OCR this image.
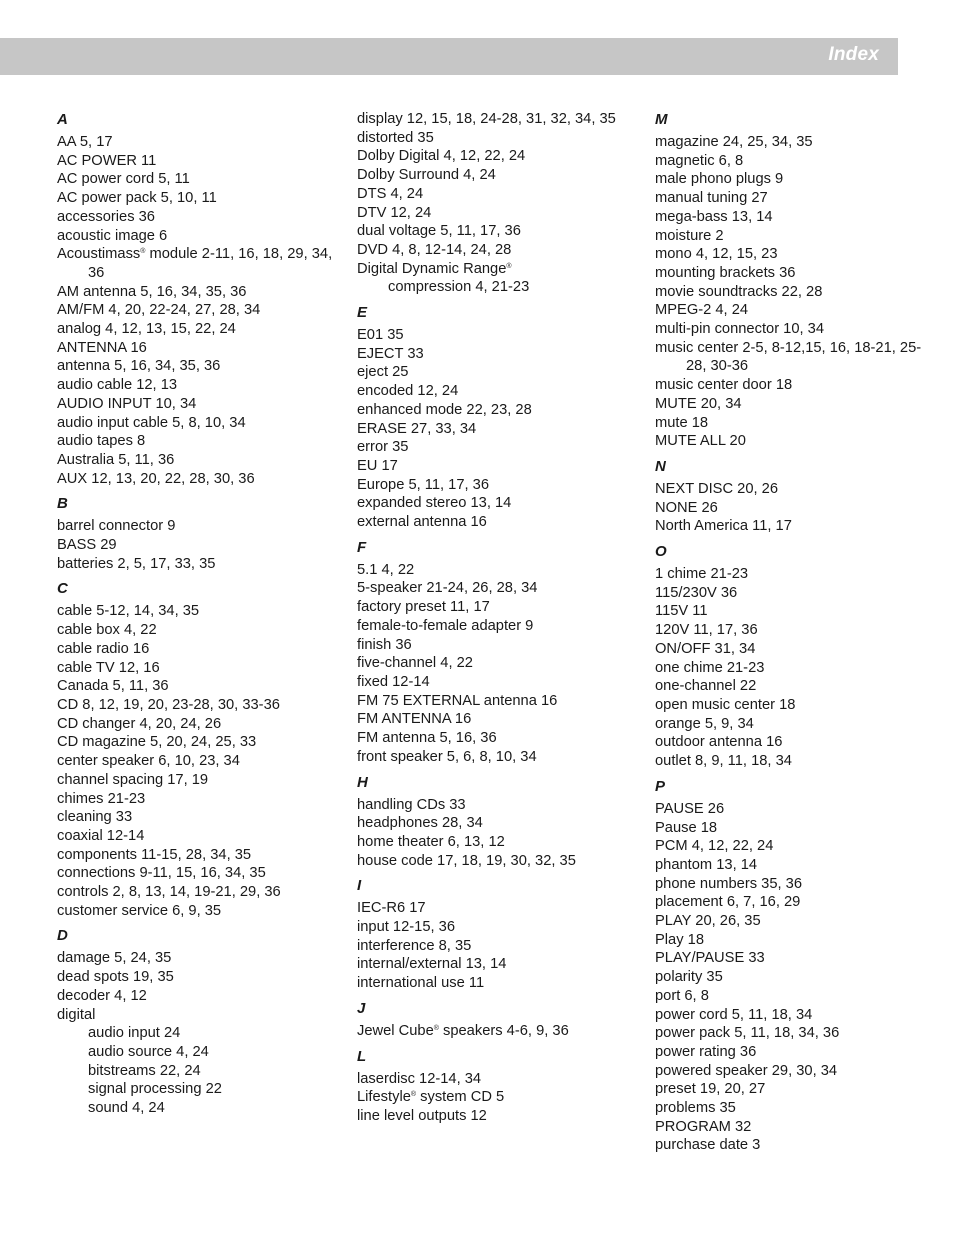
Index
A
AA 5, 17
AC POWER 11
AC power cord 5, 11
AC power pack 5, 10, 11
accessories 36
acoustic image 6
Acoustimass® module 2-11, 16, 18, 29, 34, 36
AM antenna 5, 16, 34, 35, 36
AM/FM 4, 20, 22-24, 27, 28, 34
analog 4, 12, 13, 15, 22, 24
ANTENNA 16
antenna 5, 16, 34, 35, 36
audio cable 12, 13
AUDIO INPUT 10, 34
audio input cable 5, 8, 10, 34
audio tapes 8
Australia 5, 11, 36
AUX 12, 13, 20, 22, 28, 30, 36
B
barrel connector 9
BASS 29
batteries 2, 5, 17, 33, 35
C
cable 5-12, 14, 34, 35
cable box 4, 22
cable radio 16
cable TV 12, 16
Canada 5, 11, 36
CD 8, 12, 19, 20, 23-28, 30, 33-36
CD changer 4, 20, 24, 26
CD magazine 5, 20, 24, 25, 33
center speaker 6, 10, 23, 34
channel spacing 17, 19
chimes 21-23
cleaning 33
coaxial 12-14
components 11-15, 28, 34, 35
connections 9-11, 15, 16, 34, 35
controls 2, 8, 13, 14, 19-21, 29, 36
customer service 6, 9, 35
D
damage 5, 24, 35
dead spots 19, 35
decoder 4, 12
digital
audio input 24
audio source 4, 24
bitstreams 22, 24
signal processing 22
sound 4, 24
display 12, 15, 18, 24-28, 31, 32, 34, 35
distorted 35
Dolby Digital 4, 12, 22, 24
Dolby Surround 4, 24
DTS 4, 24
DTV 12, 24
dual voltage 5, 11, 17, 36
DVD 4, 8, 12-14, 24, 28
Digital Dynamic Range®
compression 4, 21-23
E
E01 35
EJECT 33
eject 25
encoded 12, 24
enhanced mode 22, 23, 28
ERASE 27, 33, 34
error 35
EU 17
Europe 5, 11, 17, 36
expanded stereo 13, 14
external antenna 16
F
5.1 4, 22
5-speaker 21-24, 26, 28, 34
factory preset 11, 17
female-to-female adapter 9
finish 36
five-channel 4, 22
fixed 12-14
FM 75 EXTERNAL antenna 16
FM ANTENNA 16
FM antenna 5, 16, 36
front speaker 5, 6, 8, 10, 34
H
handling CDs 33
headphones 28, 34
home theater 6, 13, 12
house code 17, 18, 19, 30, 32, 35
I
IEC-R6 17
input 12-15, 36
interference 8, 35
internal/external 13, 14
international use 11
J
Jewel Cube® speakers 4-6, 9, 36
L
laserdisc 12-14, 34
Lifestyle® system CD 5
line level outputs 12
M
magazine 24, 25, 34, 35
magnetic 6, 8
male phono plugs 9
manual tuning 27
mega-bass 13, 14
moisture 2
mono 4, 12, 15, 23
mounting brackets 36
movie soundtracks 22, 28
MPEG-2 4, 24
multi-pin connector 10, 34
music center 2-5, 8-12,15, 16, 18-21, 25-28, 30-36
music center door 18
MUTE 20, 34
mute 18
MUTE ALL 20
N
NEXT DISC 20, 26
NONE 26
North America 11, 17
O
1 chime 21-23
115/230V 36
115V 11
120V 11, 17, 36
ON/OFF 31, 34
one chime 21-23
one-channel 22
open music center 18
orange 5, 9, 34
outdoor antenna 16
outlet 8, 9, 11, 18, 34
P
PAUSE 26
Pause 18
PCM 4, 12, 22, 24
phantom 13, 14
phone numbers 35, 36
placement 6, 7, 16, 29
PLAY 20, 26, 35
Play 18
PLAY/PAUSE 33
polarity 35
port 6, 8
power cord 5, 11, 18, 34
power pack 5, 11, 18, 34, 36
power rating 36
powered speaker 29, 30, 34
preset 19, 20, 27
problems 35
PROGRAM 32
purchase date 3
